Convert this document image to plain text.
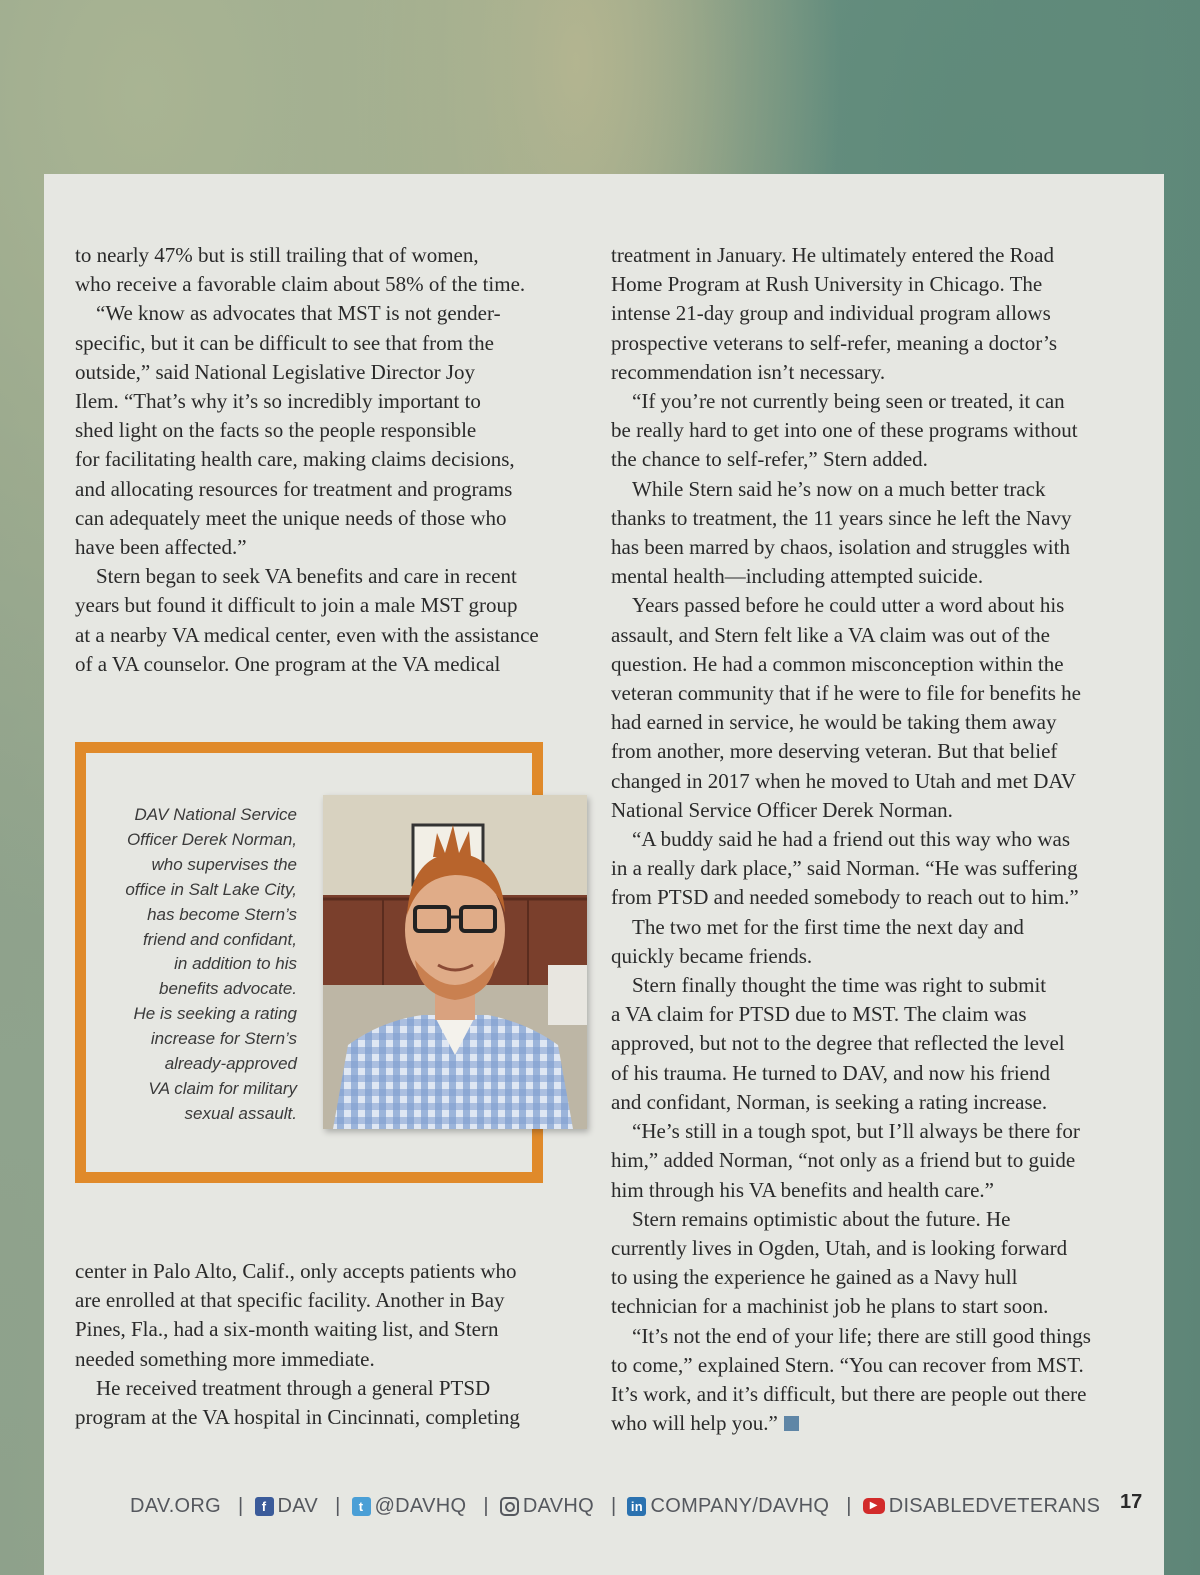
to nearly 47% but is still trailing that of women,
who receive a favorable claim about 58% of the time.

“We know as advocates that MST is not gender-
specific, but it can be difficult to see that from the
outside,” said National Legislative Director Joy
Ilem. “That’s why it’s so incredibly important to
shed light on the facts so the people responsible
for facilitating health care, making claims decisions,
and allocating resources for treatment and programs
can adequately meet the unique needs of those who
have been affected.”

Stern began to seek VA benefits and care in recent
years but found it difficult to join a male MST group
at a nearby VA medical center, even with the assistance
of a VA counselor. One program at the VA medical

center in Palo Alto, Calif., only accepts patients who
are enrolled at that specific facility. Another in Bay
Pines, Fla., had a six-month waiting list, and Stern
needed something more immediate.

He received treatment through a general PTSD
program at the VA hospital in Cincinnati, completing

treatment in January. He ultimately entered the Road
Home Program at Rush University in Chicago. The
intense 21-day group and individual program allows
prospective veterans to self-refer, meaning a doctor’s
recommendation isn’t necessary.

“If you’re not currently being seen or treated, it can
be really hard to get into one of these programs without
the chance to self-refer,” Stern added.

While Stern said he’s now on a much better track
thanks to treatment, the 11 years since he left the Navy
has been marred by chaos, isolation and struggles with
mental health—including attempted suicide.

Years passed before he could utter a word about his
assault, and Stern felt like a VA claim was out of the
question. He had a common misconception within the
veteran community that if he were to file for benefits he
had earned in service, he would be taking them away
from another, more deserving veteran. But that belief
changed in 2017 when he moved to Utah and met DAV
National Service Officer Derek Norman.

“A buddy said he had a friend out this way who was
in a really dark place,” said Norman. “He was suffering
from PTSD and needed somebody to reach out to him.”

The two met for the first time the next day and
quickly became friends.

Stern finally thought the time was right to submit
a VA claim for PTSD due to MST. The claim was
approved, but not to the degree that reflected the level
of his trauma. He turned to DAV, and now his friend
and confidant, Norman, is seeking a rating increase.

“He’s still in a tough spot, but I’ll always be there for
him,” added Norman, “not only as a friend but to guide
him through his VA benefits and health care.”

Stern remains optimistic about the future. He
currently lives in Ogden, Utah, and is looking forward
to using the experience he gained as a Navy hull
technician for a machinist job he plans to start soon.

“It’s not the end of your life; there are still good things
to come,” explained Stern. “You can recover from MST.
It’s work, and it’s difficult, but there are people out there
who will help you.”

DAV National Service
Officer Derek Norman,
who supervises the
office in Salt Lake City,
has become Stern’s
friend and confidant,
in addition to his
benefits advocate.
He is seeking a rating
increase for Stern’s
already-approved
VA claim for military
sexual assault.
DAV.ORG |	f DAV |	t @DAVHQ | DAVHQ | in COMPANY/DAVHQ |	▶ DISABLEDVETERANS 17
